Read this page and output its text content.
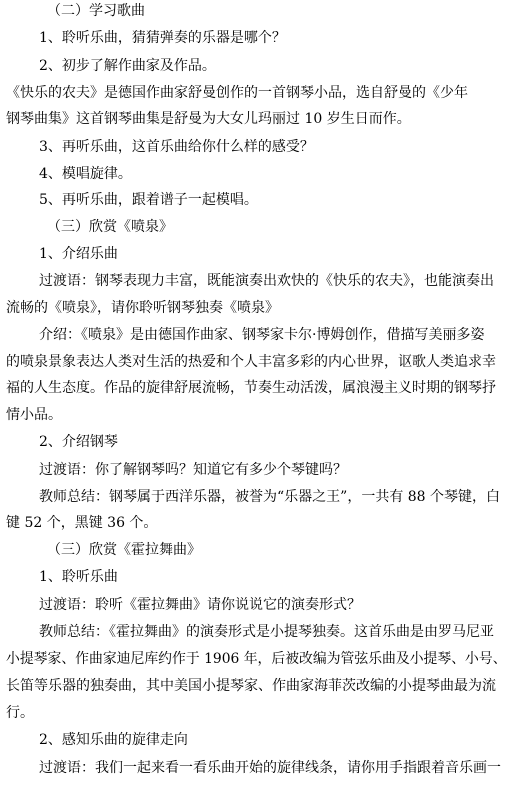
（二）学习歌曲
1、聆听乐曲，猜猜弹奏的乐器是哪个？
2、初步了解作曲家及作品。
《快乐的农夫》是德国作曲家舒曼创作的一首钢琴小品，选自舒曼的《少年
钢琴曲集》这首钢琴曲集是舒曼为大女儿玛丽过 10 岁生日而作。
3、再听乐曲，这首乐曲给你什么样的感受？
4、模唱旋律。
5、再听乐曲，跟着谱子一起模唱。
（三）欣赏《喷泉》
1、介绍乐曲
过渡语：钢琴表现力丰富，既能演奏出欢快的《快乐的农夫》，也能演奏出
流畅的《喷泉》，请你聆听钢琴独奏《喷泉》
介绍：《喷泉》是由德国作曲家、钢琴家卡尔·博姆创作，借描写美丽多姿
的喷泉景象表达人类对生活的热爱和个人丰富多彩的内心世界，讴歌人类追求幸
福的人生态度。作品的旋律舒展流畅，节奏生动活泼，属浪漫主义时期的钢琴抒
情小品。
2、介绍钢琴
过渡语：你了解钢琴吗？知道它有多少个琴键吗？
教师总结：钢琴属于西洋乐器，被誉为“乐器之王”，一共有 88 个琴键，白
键 52 个，黑键 36 个。
（三）欣赏《霍拉舞曲》
1、聆听乐曲
过渡语：聆听《霍拉舞曲》请你说说它的演奏形式？
教师总结：《霍拉舞曲》的演奏形式是小提琴独奏。这首乐曲是由罗马尼亚
小提琴家、作曲家迪尼库约作于 1906 年，后被改编为管弦乐曲及小提琴、小号、
长笛等乐器的独奏曲，其中美国小提琴家、作曲家海菲茨改编的小提琴曲最为流
行。
2、感知乐曲的旋律走向
过渡语：我们一起来看一看乐曲开始的旋律线条，请你用手指跟着音乐画一
